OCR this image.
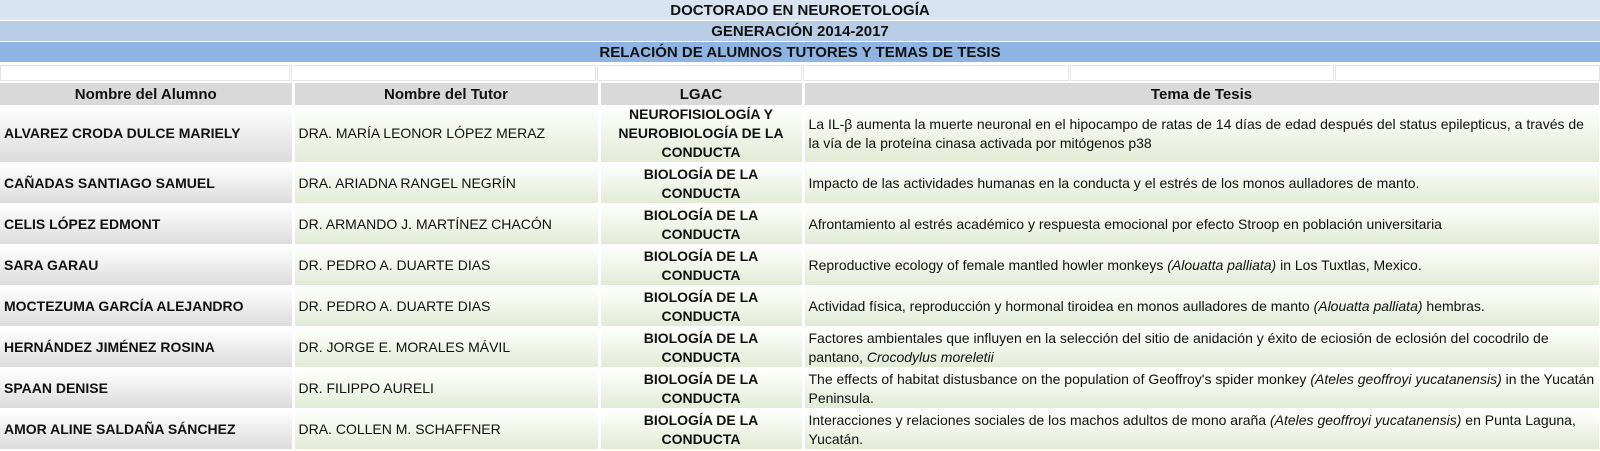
DOCTORADO EN NEUROETOLOGÍA
GENERACIÓN 2014-2017
RELACIÓN DE ALUMNOS TUTORES Y TEMAS DE TESIS
Nombre del Alumno	Nombre del Tutor	LGAC	Tema de Tesis
ALVAREZ CRODA DULCE MARIELY	DRA. MARÍA LEONOR LÓPEZ MERAZ	NEUROFISIOLOGÍA Y NEUROBIOLOGÍA DE LA CONDUCTA	La IL-β aumenta la muerte neuronal en el hipocampo de ratas de 14 días de edad después del status epilepticus, a través de la vía de la proteína cinasa activada por mitógenos p38
CAÑADAS SANTIAGO SAMUEL	DRA. ARIADNA RANGEL NEGRÍN	BIOLOGÍA DE LA CONDUCTA	Impacto de las actividades humanas en la conducta y el estrés de los monos aulladores de manto.
CELIS LÓPEZ EDMONT	DR. ARMANDO J. MARTÍNEZ CHACÓN	BIOLOGÍA DE LA CONDUCTA	Afrontamiento al estrés académico y respuesta emocional por efecto Stroop en población universitaria
SARA GARAU	DR. PEDRO A. DUARTE DIAS	BIOLOGÍA DE LA CONDUCTA	Reproductive ecology of female mantled howler monkeys (Alouatta palliata) in Los Tuxtlas, Mexico.
MOCTEZUMA GARCÍA ALEJANDRO	DR. PEDRO A. DUARTE DIAS	BIOLOGÍA DE LA CONDUCTA	Actividad física, reproducción y hormonal tiroidea en monos aulladores de manto (Alouatta palliata) hembras.
HERNÁNDEZ JIMÉNEZ ROSINA	DR. JORGE E. MORALES MÁVIL	BIOLOGÍA DE LA CONDUCTA	Factores ambientales que influyen en la selección del sitio de anidación y éxito de eciosión de eclosión del cocodrilo de pantano, Crocodylus moreletii
SPAAN DENISE	DR. FILIPPO AURELI	BIOLOGÍA DE LA CONDUCTA	The effects of habitat distusbance on the population of Geoffroy's spider monkey (Ateles geoffroyi yucatanensis) in the Yucatán Peninsula.
AMOR ALINE SALDAÑA SÁNCHEZ	DRA. COLLEN M. SCHAFFNER	BIOLOGÍA DE LA CONDUCTA	Interacciones y relaciones sociales de los machos adultos de mono araña (Ateles geoffroyi yucatanensis) en Punta Laguna, Yucatán.
